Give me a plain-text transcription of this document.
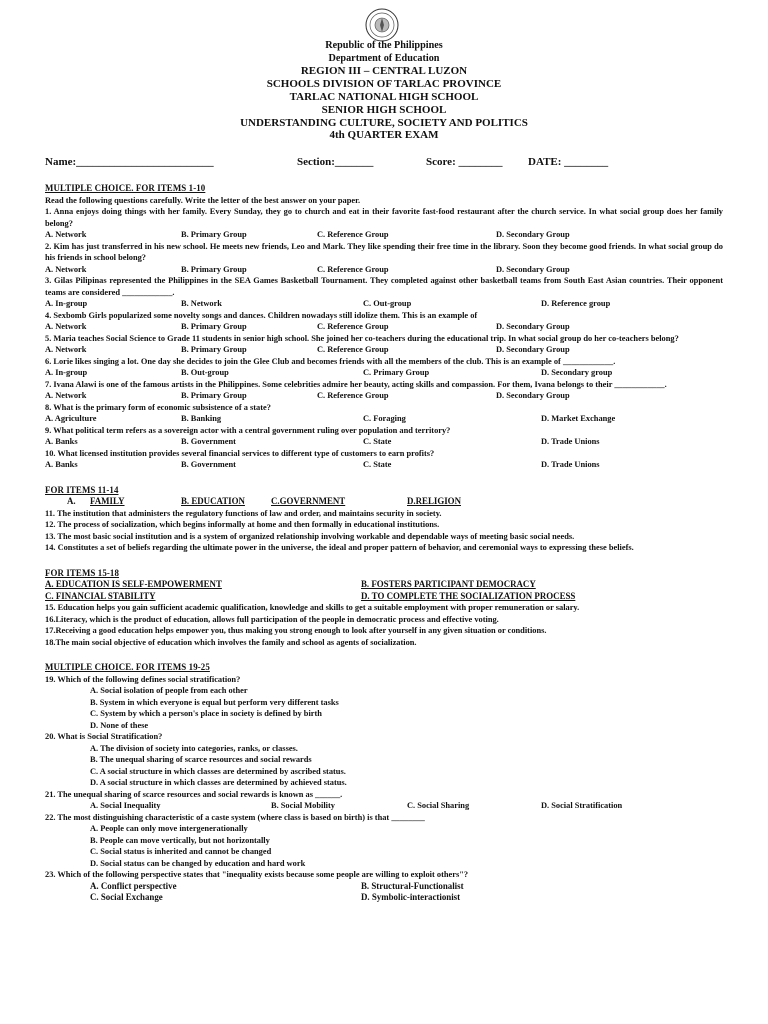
Republic of the Philippines
Department of Education
REGION III – CENTRAL LUZON
SCHOOLS DIVISION OF TARLAC PROVINCE
TARLAC NATIONAL HIGH SCHOOL
SENIOR HIGH SCHOOL
UNDERSTANDING CULTURE, SOCIETY AND POLITICS
4th QUARTER EXAM
Name:_________________________	Section:_______	Score: ________ DATE: ________
MULTIPLE CHOICE. FOR ITEMS 1-10
Read the following questions carefully. Write the letter of the best answer on your paper.
1. Anna enjoys doing things with her family. Every Sunday, they go to church and eat in their favorite fast-food restaurant after the church service. In what social group does her family belong?
A. Network	B. Primary Group	C. Reference Group	D. Secondary Group
2. Kim has just transferred in his new school. He meets new friends, Leo and Mark. They like spending their free time in the library. Soon they become good friends. In what social group do his friends in school belong?
A. Network	B. Primary Group	C. Reference Group	D. Secondary Group
3. Gilas Pilipinas represented the Philippines in the SEA Games Basketball Tournament. They completed against other basketball teams from South East Asian countries. Their opponent teams are considered ____________.
A. In-group	B. Network	C. Out-group	D. Reference group
4. Sexbomb Girls popularized some novelty songs and dances. Children nowadays still idolize them. This is an example of
A. Network	B. Primary Group	C. Reference Group	D. Secondary Group
5. Maria teaches Social Science to Grade 11 students in senior high school. She joined her co-teachers during the educational trip. In what social group do her co-teachers belong?
A. Network	B. Primary Group	C. Reference Group	D. Secondary Group
6. Lorie likes singing a lot. One day she decides to join the Glee Club and becomes friends with all the members of the club. This is an example of ____________.
A. In-group	B. Out-group	C. Primary Group	D. Secondary group
7. Ivana Alawi is one of the famous artists in the Philippines. Some celebrities admire her beauty, acting skills and compassion. For them, Ivana belongs to their ____________.
A. Network	B. Primary Group	C. Reference Group	D. Secondary Group
8. What is the primary form of economic subsistence of a state?
A. Agriculture	B. Banking	C. Foraging	D. Market Exchange
9. What political term refers as a sovereign actor with a central government ruling over population and territory?
A. Banks	B. Government	C. State	D. Trade Unions
10. What licensed institution provides several financial services to different type of customers to earn profits?
A. Banks	B. Government	C. State	D. Trade Unions
FOR ITEMS 11-14
A. FAMILY	B. EDUCATION	C.GOVERNMENT	D.RELIGION
11. The institution that administers the regulatory functions of law and order, and maintains security in society.
12. The process of socialization, which begins informally at home and then formally in educational institutions.
13. The most basic social institution and is a system of organized relationship involving workable and dependable ways of meeting basic social needs.
14. Constitutes a set of beliefs regarding the ultimate power in the universe, the ideal and proper pattern of behavior, and ceremonial ways to expressing these beliefs.
FOR ITEMS 15-18
A. EDUCATION IS SELF-EMPOWERMENT	B. FOSTERS PARTICIPANT DEMOCRACY
C. FINANCIAL STABILITY	D. TO COMPLETE THE SOCIALIZATION PROCESS
15. Education helps you gain sufficient academic qualification, knowledge and skills to get a suitable employment with proper remuneration or salary.
16.Literacy, which is the product of education, allows full participation of the people in democratic process and effective voting.
17.Receiving a good education helps empower you, thus making you strong enough to look after yourself in any given situation or conditions.
18.The main social objective of education which involves the family and school as agents of socialization.
MULTIPLE CHOICE. FOR ITEMS 19-25
19. Which of the following defines social stratification?
A. Social isolation of people from each other
B. System in which everyone is equal but perform very different tasks
C. System by which a person's place in society is defined by birth
D. None of these
20. What is Social Stratification?
A. The division of society into categories, ranks, or classes.
B. The unequal sharing of scarce resources and social rewards
C. A social structure in which classes are determined by ascribed status.
D. A social structure in which classes are determined by achieved status.
21. The unequal sharing of scarce resources and social rewards is known as ______.
A. Social Inequality	B. Social Mobility	C. Social Sharing	D. Social Stratification
22. The most distinguishing characteristic of a caste system (where class is based on birth) is that ________
A. People can only move intergenerationally
B. People can move vertically, but not horizontally
C. Social status is inherited and cannot be changed
D. Social status can be changed by education and hard work
23. Which of the following perspective states that "inequality exists because some people are willing to exploit others"?
A. Conflict perspective	B. Structural-Functionalist
C. Social Exchange	D. Symbolic-interactionist
